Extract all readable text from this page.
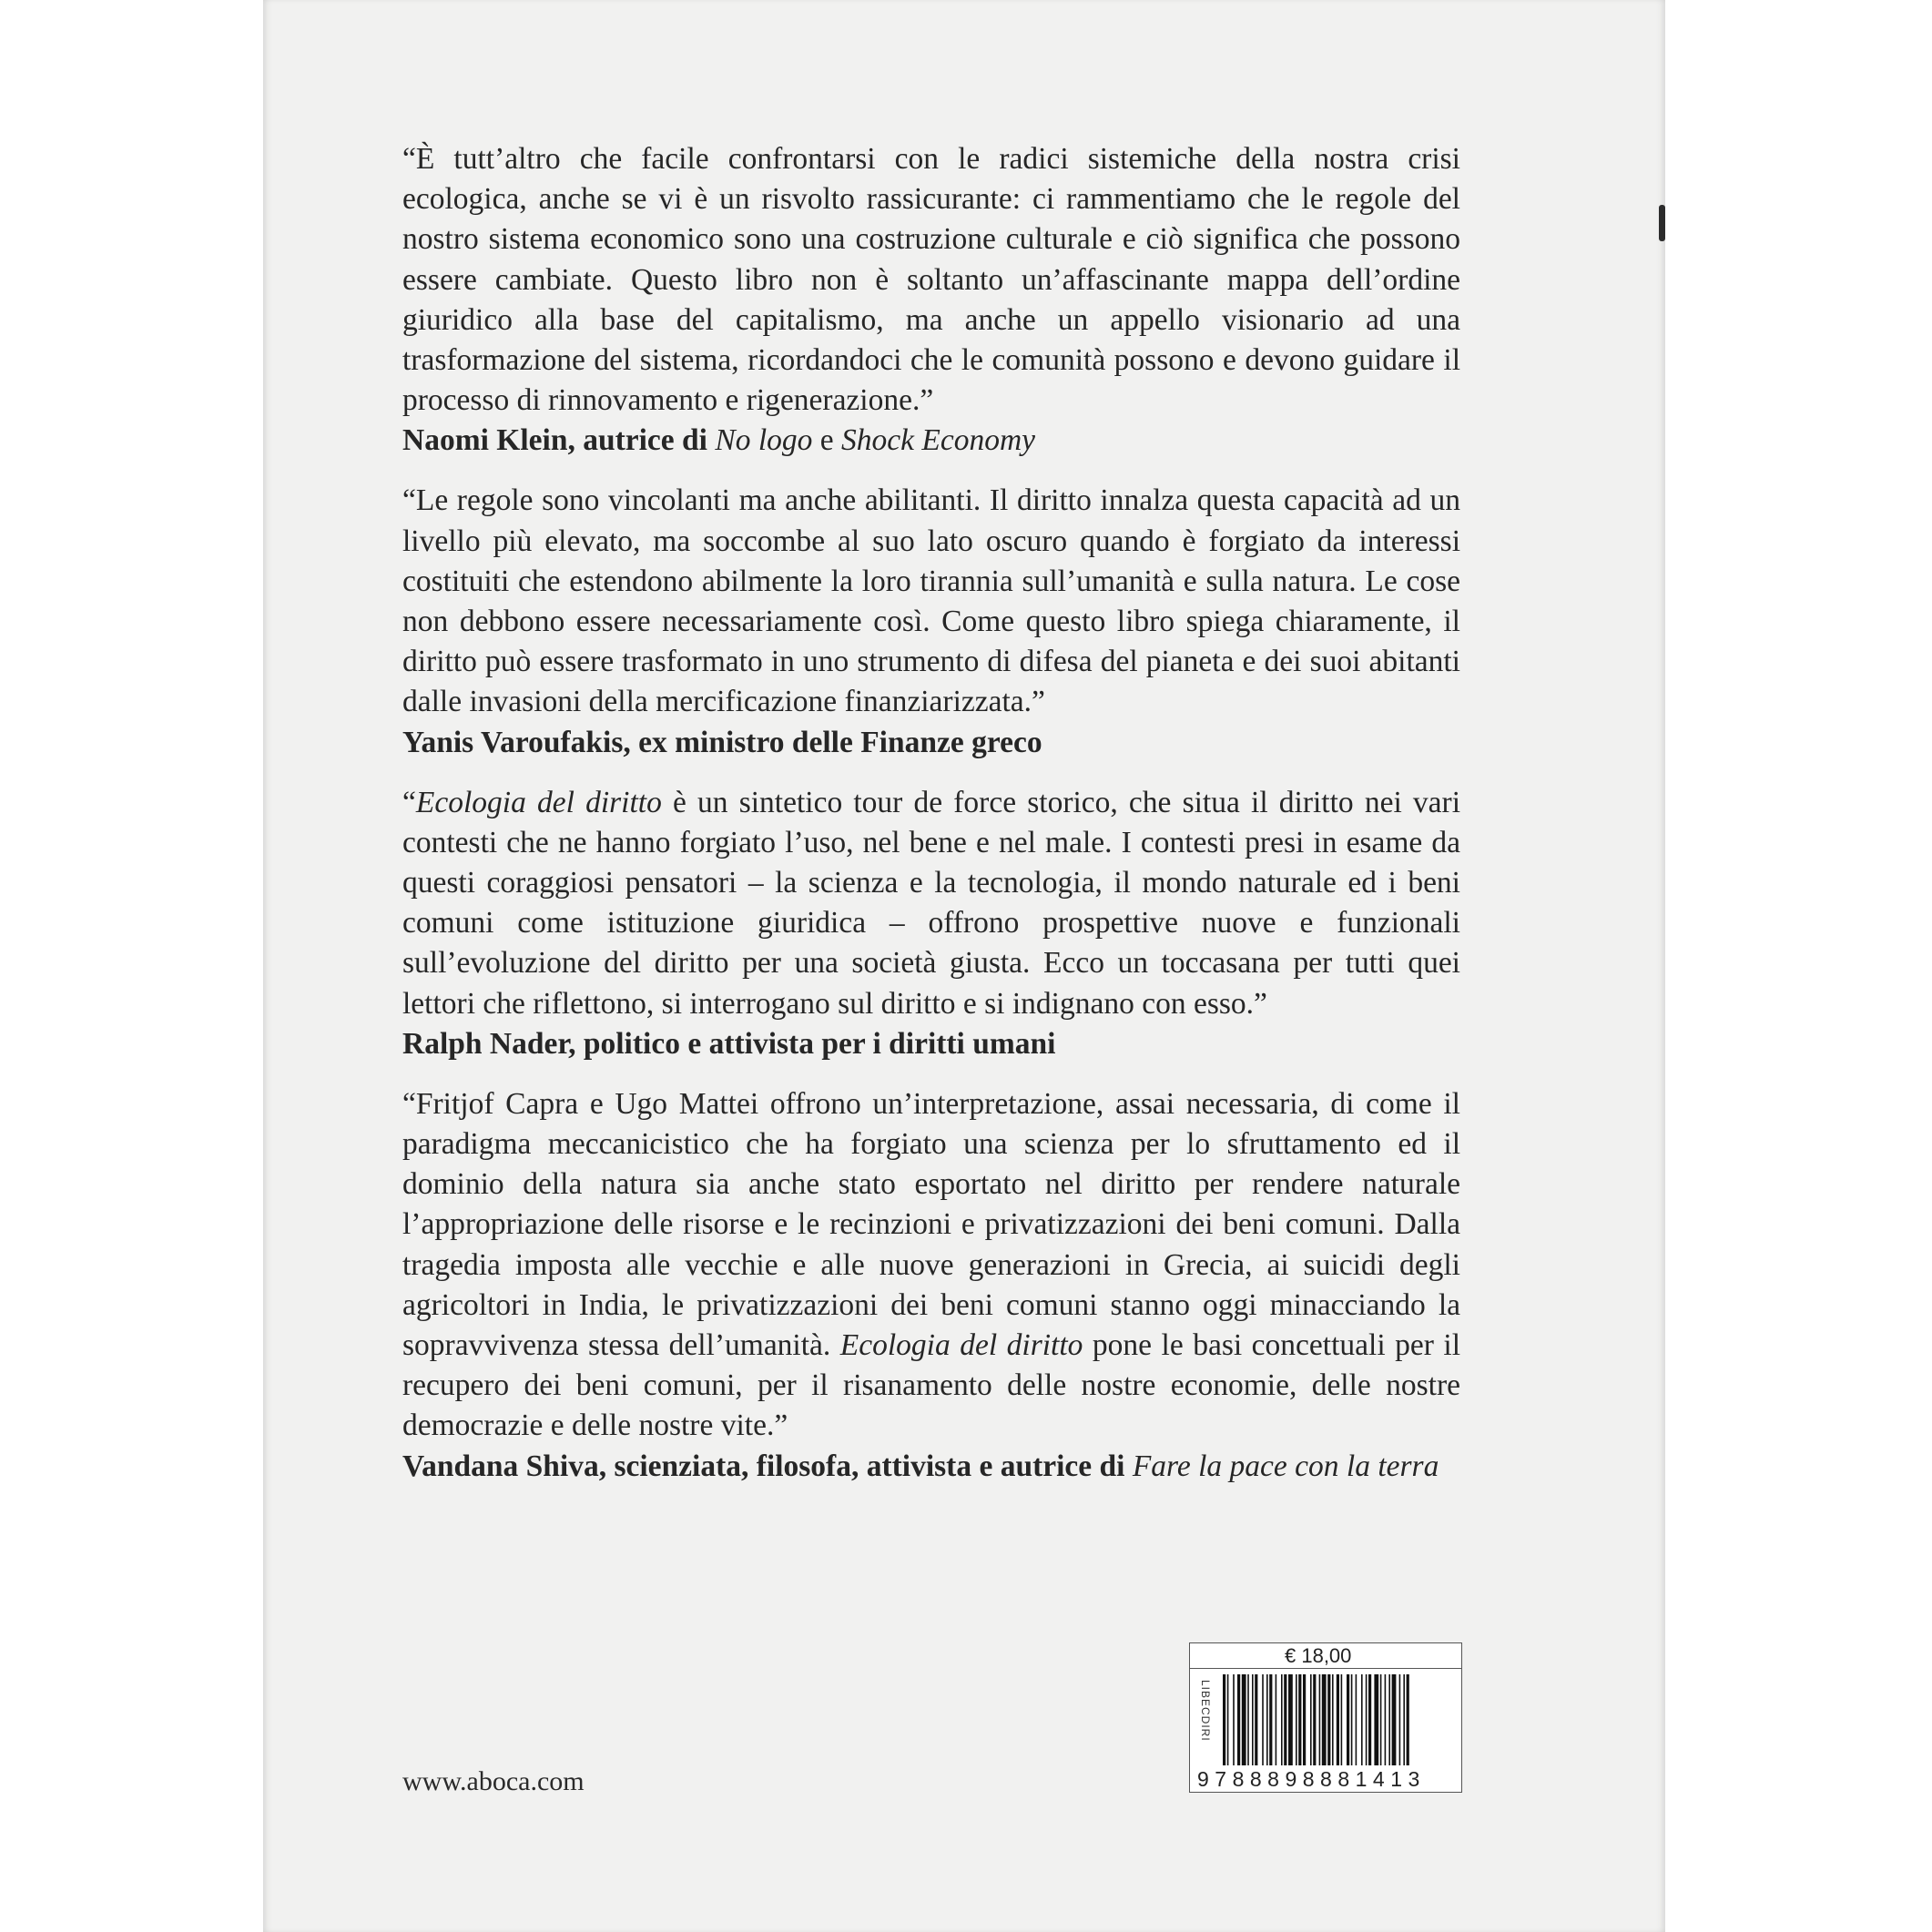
“È tutt’altro che facile confrontarsi con le radici sistemiche della nostra crisi ecologica, anche se vi è un risvolto rassicurante: ci rammentiamo che le regole del nostro sistema economico sono una costruzione culturale e ciò significa che possono essere cambiate. Questo libro non è soltanto un’affascinante mappa dell’ordine giuridico alla base del capitalismo, ma anche un appello visionario ad una trasformazione del sistema, ricordandoci che le comunità possono e devono guidare il processo di rinnovamento e rigenerazione.”

Naomi Klein, autrice di No logo e Shock Economy

“Le regole sono vincolanti ma anche abilitanti. Il diritto innalza questa capacità ad un livello più elevato, ma soccombe al suo lato oscuro quando è forgiato da interessi costituiti che estendono abilmente la loro tirannia sull’umanità e sulla natura. Le cose non debbono essere necessariamente così. Come questo libro spiega chiaramente, il diritto può essere trasformato in uno strumento di difesa del pianeta e dei suoi abitanti dalle invasioni della mercificazione finanziarizzata.”

Yanis Varoufakis, ex ministro delle Finanze greco

“Ecologia del diritto è un sintetico tour de force storico, che situa il diritto nei vari contesti che ne hanno forgiato l’uso, nel bene e nel male. I contesti presi in esame da questi coraggiosi pensatori – la scienza e la tecnologia, il mondo naturale ed i beni comuni come istituzione giuridica – offrono prospettive nuove e funzionali sull’evoluzione del diritto per una società giusta. Ecco un toccasana per tutti quei lettori che riflettono, si interrogano sul diritto e si indignano con esso.”

Ralph Nader, politico e attivista per i diritti umani

“Fritjof Capra e Ugo Mattei offrono un’interpretazione, assai necessaria, di come il paradigma meccanicistico che ha forgiato una scienza per lo sfruttamento ed il dominio della natura sia anche stato esportato nel diritto per rendere naturale l’appropriazione delle risorse e le recinzioni e privatizzazioni dei beni comuni. Dalla tragedia imposta alle vecchie e alle nuove generazioni in Grecia, ai suicidi degli agricoltori in India, le privatizzazioni dei beni comuni stanno oggi minacciando la sopravvivenza stessa dell’umanità. Ecologia del diritto pone le basi concettuali per il recupero dei beni comuni, per il risanamento delle nostre economie, delle nostre democrazie e delle nostre vite.”

Vandana Shiva, scienziata, filosofa, attivista e autrice di Fare la pace con la terra

www.aboca.com
€ 18,00
LIBECDIRI
9788898881413
